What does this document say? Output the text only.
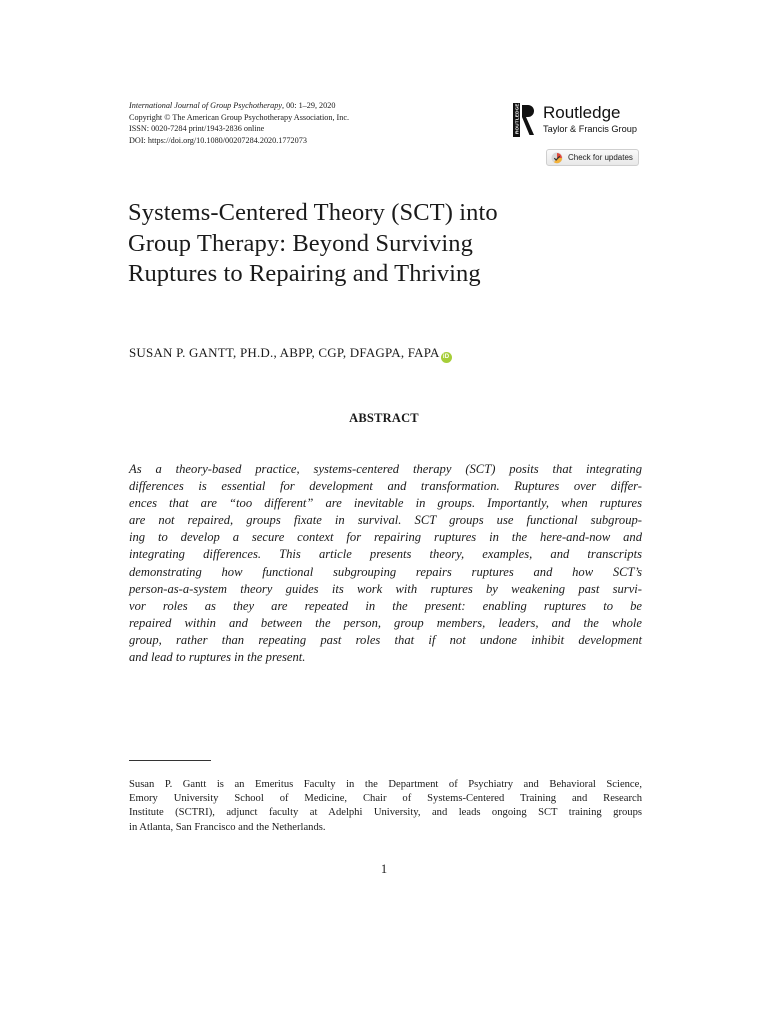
International Journal of Group Psychotherapy, 00: 1–29, 2020
Copyright © The American Group Psychotherapy Association, Inc.
ISSN: 0020-7284 print/1943-2836 online
DOI: https://doi.org/10.1080/00207284.2020.1772073
ROUTLEDGE Routledge
Taylor & Francis Group
Check for updates
Systems-Centered Theory (SCT) into
Group Therapy: Beyond Surviving
Ruptures to Repairing and Thriving
SUSAN P. GANTT, PH.D., ABPP, CGP, DFAGPA, FAPA iD
ABSTRACT
As a theory-based practice, systems-centered therapy (SCT) posits that integrating
differences is essential for development and transformation. Ruptures over differ-
ences that are “too different” are inevitable in groups. Importantly, when ruptures
are not repaired, groups fixate in survival. SCT groups use functional subgroup-
ing to develop a secure context for repairing ruptures in the here-and-now and
integrating differences. This article presents theory, examples, and transcripts
demonstrating how functional subgrouping repairs ruptures and how SCT’s
person-as-a-system theory guides its work with ruptures by weakening past survi-
vor roles as they are repeated in the present: enabling ruptures to be
repaired within and between the person, group members, leaders, and the whole
group, rather than repeating past roles that if not undone inhibit development
and lead to ruptures in the present.
Susan P. Gantt is an Emeritus Faculty in the Department of Psychiatry and Behavioral Science,
Emory University School of Medicine, Chair of Systems-Centered Training and Research
Institute (SCTRI), adjunct faculty at Adelphi University, and leads ongoing SCT training groups
in Atlanta, San Francisco and the Netherlands.
1
